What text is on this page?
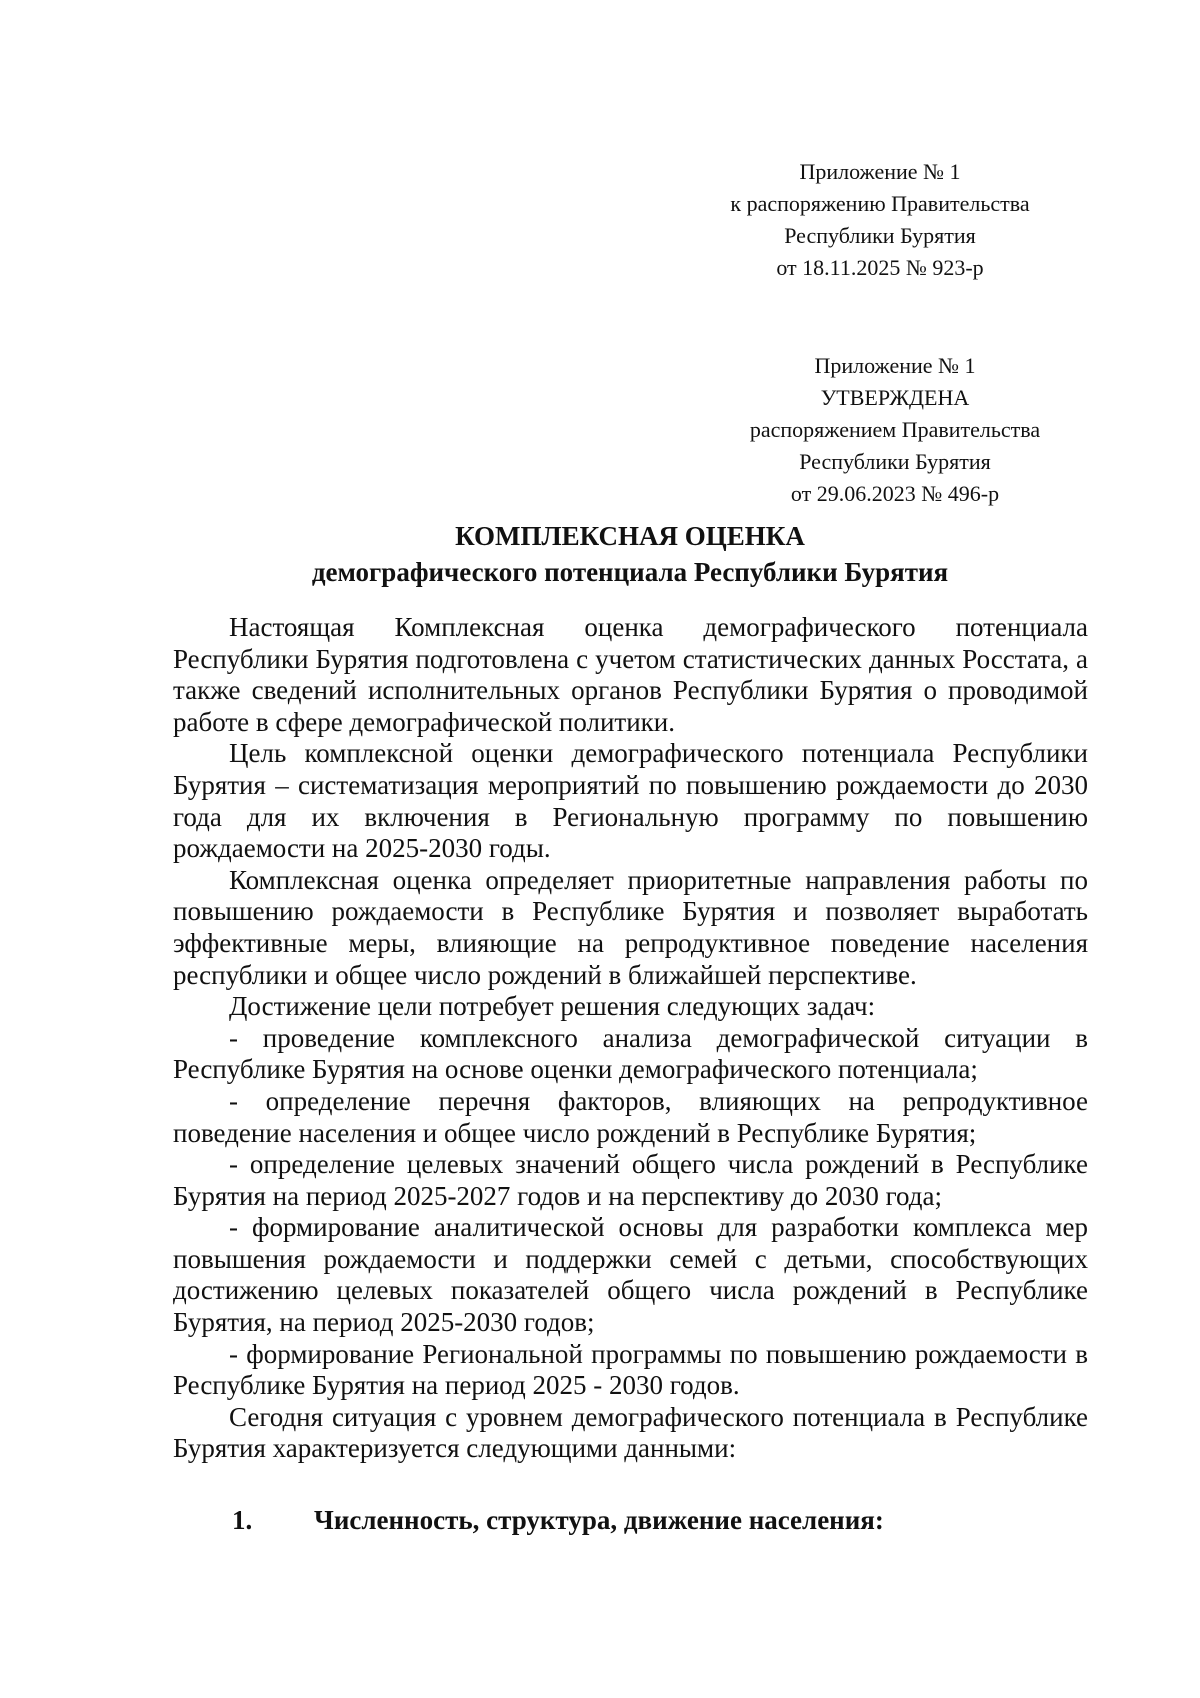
Приложение № 1
к распоряжению Правительства
Республики Бурятия
от 18.11.2025 № 923-р
Приложение № 1
УТВЕРЖДЕНА
распоряжением Правительства
Республики Бурятия
от 29.06.2023 № 496-р
КОМПЛЕКСНАЯ ОЦЕНКА
демографического потенциала Республики Бурятия

Настоящая Комплексная оценка демографического потенциала Республики Бурятия подготовлена с учетом статистических данных Росстата, а также сведений исполнительных органов Республики Бурятия о проводимой работе в сфере демографической политики.

Цель комплексной оценки демографического потенциала Республики Бурятия – систематизация мероприятий по повышению рождаемости до 2030 года для их включения в Региональную программу по повышению рождаемости на 2025-2030 годы.

Комплексная оценка определяет приоритетные направления работы по повышению рождаемости в Республике Бурятия и позволяет выработать эффективные меры, влияющие на репродуктивное поведение населения республики и общее число рождений в ближайшей перспективе.

Достижение цели потребует решения следующих задач:

- проведение комплексного анализа демографической ситуации в Республике Бурятия на основе оценки демографического потенциала;

- определение перечня факторов, влияющих на репродуктивное поведение населения и общее число рождений в Республике Бурятия;

- определение целевых значений общего числа рождений в Республике Бурятия на период 2025-2027 годов и на перспективу до 2030 года;

- формирование аналитической основы для разработки комплекса мер повышения рождаемости и поддержки семей с детьми, способствующих достижению целевых показателей общего числа рождений в Республике Бурятия, на период 2025-2030 годов;

- формирование Региональной программы по повышению рождаемости в Республике Бурятия на период 2025 - 2030 годов.

Сегодня ситуация с уровнем демографического потенциала в Республике Бурятия характеризуется следующими данными:

1. Численность, структура, движение населения:
